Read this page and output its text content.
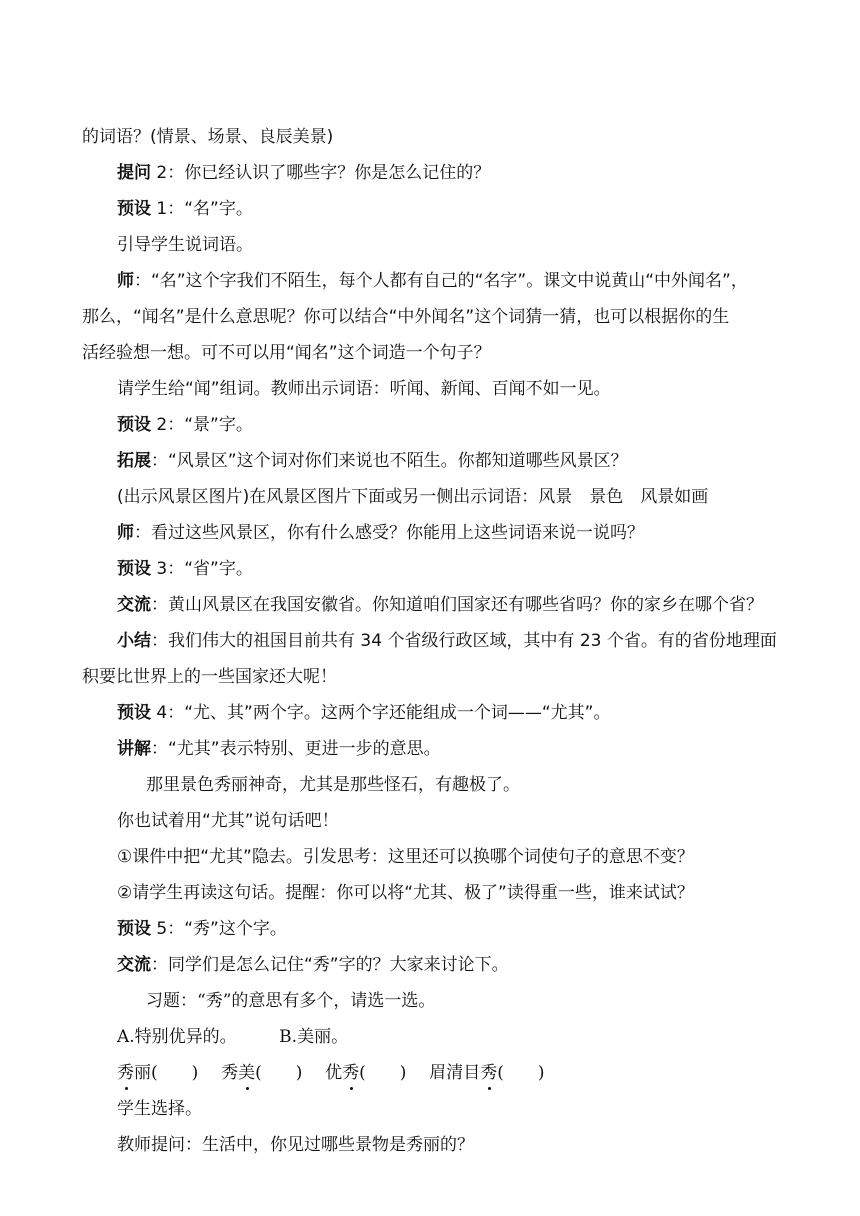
的词语？(情景、场景、良辰美景)
提问 2：你已经认识了哪些字？你是怎么记住的？
预设 1：“名”字。
引导学生说词语。
师：“名”这个字我们不陌生，每个人都有自己的“名字”。课文中说黄山“中外闻名”，
那么，“闻名”是什么意思呢？你可以结合“中外闻名”这个词猜一猜，也可以根据你的生
活经验想一想。可不可以用“闻名”这个词造一个句子？
请学生给“闻”组词。教师出示词语：听闻、新闻、百闻不如一见。
预设 2：“景”字。
拓展：“风景区”这个词对你们来说也不陌生。你都知道哪些风景区？
(出示风景区图片)在风景区图片下面或另一侧出示词语：风景　景色　风景如画
师：看过这些风景区，你有什么感受？你能用上这些词语来说一说吗？
预设 3：“省”字。
交流：黄山风景区在我国安徽省。你知道咱们国家还有哪些省吗？你的家乡在哪个省？
小结：我们伟大的祖国目前共有 34 个省级行政区域，其中有 23 个省。有的省份地理面
积要比世界上的一些国家还大呢！
预设 4：“尤、其”两个字。这两个字还能组成一个词——“尤其”。
讲解：“尤其”表示特别、更进一步的意思。
那里景色秀丽神奇，尤其是那些怪石，有趣极了。
你也试着用“尤其”说句话吧！
①课件中把“尤其”隐去。引发思考：这里还可以换哪个词使句子的意思不变？
②请学生再读这句话。提醒：你可以将“尤其、极了”读得重一些，谁来试试？
预设 5：“秀”这个字。
交流：同学们是怎么记住“秀”字的？大家来讨论下。
习题：“秀”的意思有多个，请选一选。
A.特别优异的。　　　B.美丽。
秀丽(　　) 秀美(　　) 优秀(　　) 眉清目秀(　　)
学生选择。
教师提问：生活中，你见过哪些景物是秀丽的？
